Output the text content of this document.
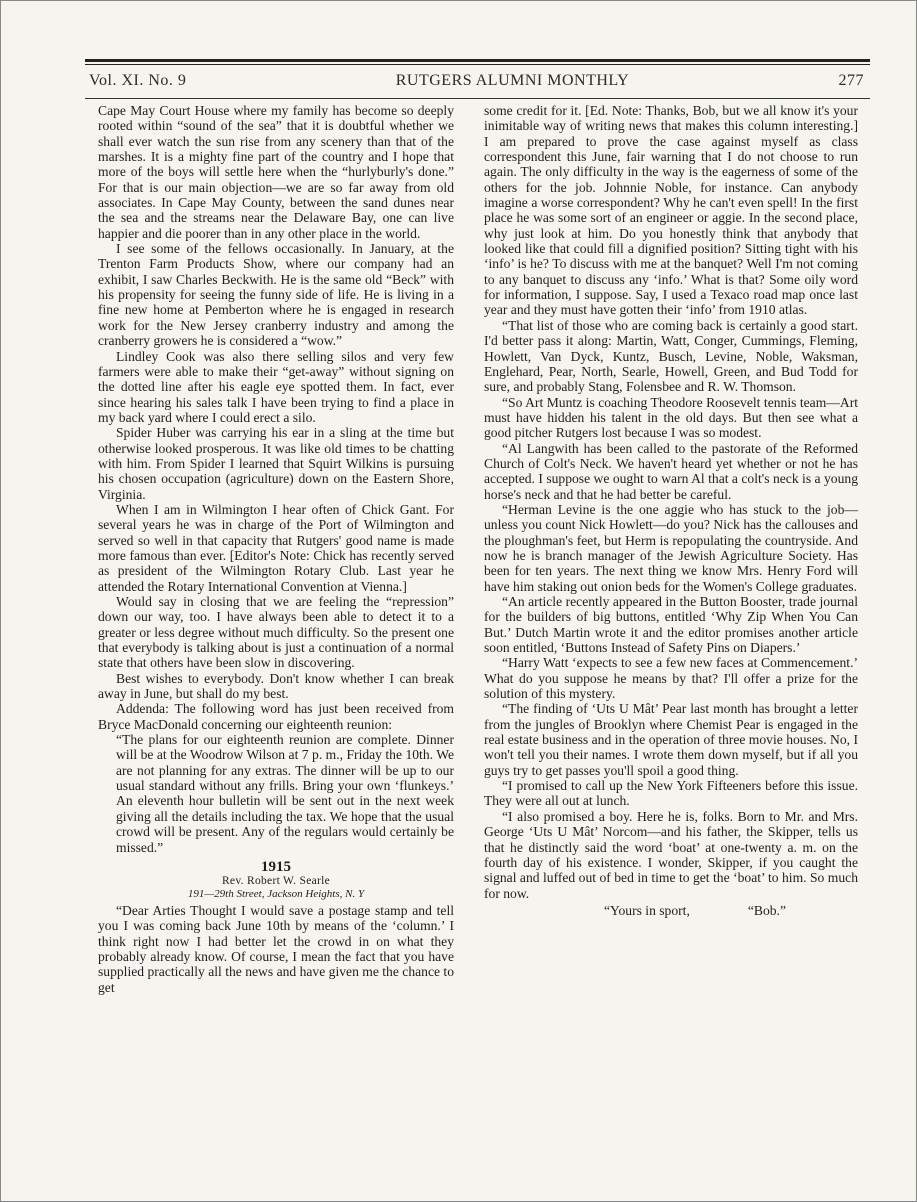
Vol. XI. No. 9	RUTGERS ALUMNI MONTHLY	277

Cape May Court House where my family has become so deeply rooted within “sound of the sea” that it is doubtful whether we shall ever watch the sun rise from any scenery than that of the marshes. It is a mighty fine part of the country and I hope that more of the boys will settle here when the “hurlyburly's done.” For that is our main objection—we are so far away from old associates. In Cape May County, between the sand dunes near the sea and the streams near the Delaware Bay, one can live happier and die poorer than in any other place in the world.

I see some of the fellows occasionally. In January, at the Trenton Farm Products Show, where our company had an exhibit, I saw Charles Beckwith. He is the same old “Beck” with his propensity for seeing the funny side of life. He is living in a fine new home at Pemberton where he is engaged in research work for the New Jersey cranberry industry and among the cranberry growers he is considered a “wow.”

Lindley Cook was also there selling silos and very few farmers were able to make their “get-away” without signing on the dotted line after his eagle eye spotted them. In fact, ever since hearing his sales talk I have been trying to find a place in my back yard where I could erect a silo.

Spider Huber was carrying his ear in a sling at the time but otherwise looked prosperous. It was like old times to be chatting with him. From Spider I learned that Squirt Wilkins is pursuing his chosen occupation (agriculture) down on the Eastern Shore, Virginia.

When I am in Wilmington I hear often of Chick Gant. For several years he was in charge of the Port of Wilmington and served so well in that capacity that Rutgers' good name is made more famous than ever. [Editor's Note: Chick has recently served as president of the Wilmington Rotary Club. Last year he attended the Rotary International Convention at Vienna.]

Would say in closing that we are feeling the “repression” down our way, too. I have always been able to detect it to a greater or less degree without much difficulty. So the present one that everybody is talking about is just a continuation of a normal state that others have been slow in discovering.

Best wishes to everybody. Don't know whether I can break away in June, but shall do my best.

Addenda: The following word has just been received from Bryce MacDonald concerning our eighteenth reunion:

“The plans for our eighteenth reunion are complete. Dinner will be at the Woodrow Wilson at 7 p. m., Friday the 10th. We are not planning for any extras. The dinner will be up to our usual standard without any frills. Bring your own ‘flunkeys.’ An eleventh hour bulletin will be sent out in the next week giving all the details including the tax. We hope that the usual crowd will be present. Any of the regulars would certainly be missed.”

1915
Rev. Robert W. Searle
191—29th Street, Jackson Heights, N. Y

“Dear Arties Thought I would save a postage stamp and tell you I was coming back June 10th by means of the ‘column.’ I think right now I had better let the crowd in on what they probably already know. Of course, I mean the fact that you have supplied practically all the news and have given me the chance to get

some credit for it. [Ed. Note: Thanks, Bob, but we all know it's your inimitable way of writing news that makes this column interesting.] I am prepared to prove the case against myself as class correspondent this June, fair warning that I do not choose to run again. The only difficulty in the way is the eagerness of some of the others for the job. Johnnie Noble, for instance. Can anybody imagine a worse correspondent? Why he can't even spell! In the first place he was some sort of an engineer or aggie. In the second place, why just look at him. Do you honestly think that anybody that looked like that could fill a dignified position? Sitting tight with his ‘info’ is he? To discuss with me at the banquet? Well I'm not coming to any banquet to discuss any ‘info.’ What is that? Some oily word for information, I suppose. Say, I used a Texaco road map once last year and they must have gotten their ‘info’ from 1910 atlas.

“That list of those who are coming back is certainly a good start. I'd better pass it along: Martin, Watt, Conger, Cummings, Fleming, Howlett, Van Dyck, Kuntz, Busch, Levine, Noble, Waksman, Englehard, Pear, North, Searle, Howell, Green, and Bud Todd for sure, and probably Stang, Folensbee and R. W. Thomson.

“So Art Muntz is coaching Theodore Roosevelt tennis team—Art must have hidden his talent in the old days. But then see what a good pitcher Rutgers lost because I was so modest.

“Al Langwith has been called to the pastorate of the Reformed Church of Colt's Neck. We haven't heard yet whether or not he has accepted. I suppose we ought to warn Al that a colt's neck is a young horse's neck and that he had better be careful.

“Herman Levine is the one aggie who has stuck to the job—unless you count Nick Howlett—do you? Nick has the callouses and the ploughman's feet, but Herm is repopulating the countryside. And now he is branch manager of the Jewish Agriculture Society. Has been for ten years. The next thing we know Mrs. Henry Ford will have him staking out onion beds for the Women's College graduates.

“An article recently appeared in the Button Booster, trade journal for the builders of big buttons, entitled ‘Why Zip When You Can But.’ Dutch Martin wrote it and the editor promises another article soon entitled, ‘Buttons Instead of Safety Pins on Diapers.’

“Harry Watt ‘expects to see a few new faces at Commencement.’ What do you suppose he means by that? I'll offer a prize for the solution of this mystery.

“The finding of ‘Uts U Mât’ Pear last month has brought a letter from the jungles of Brooklyn where Chemist Pear is engaged in the real estate business and in the operation of three movie houses. No, I won't tell you their names. I wrote them down myself, but if all you guys try to get passes you'll spoil a good thing.

“I promised to call up the New York Fifteeners before this issue. They were all out at lunch.

“I also promised a boy. Here he is, folks. Born to Mr. and Mrs. George ‘Uts U Mât’ Norcom—and his father, the Skipper, tells us that he distinctly said the word ‘boat’ at one-twenty a. m. on the fourth day of his existence. I wonder, Skipper, if you caught the signal and luffed out of bed in time to get the ‘boat’ to him. So much for now.

“Yours in sport,	“Bob.”
